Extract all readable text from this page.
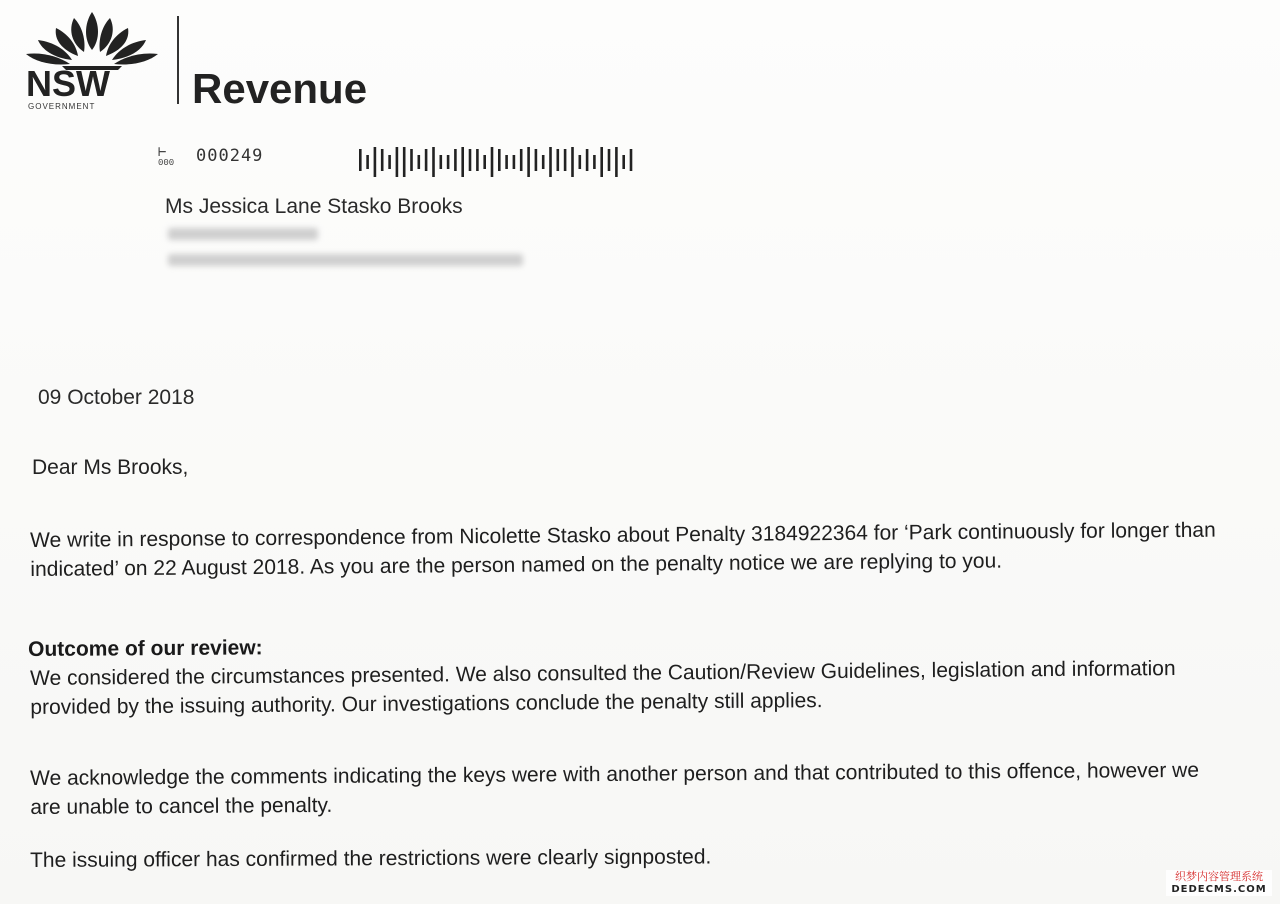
NSW
GOVERNMENT Revenue
⊢
000 000249
Ms Jessica Lane Stasko Brooks
09 October 2018
Dear Ms Brooks,

We write in response to correspondence from Nicolette Stasko about Penalty 3184922364 for ‘Park continuously for longer than indicated’ on 22 August 2018. As you are the person named on the penalty notice we are replying to you.

Outcome of our review:

We considered the circumstances presented. We also consulted the Caution/Review Guidelines, legislation and information provided by the issuing authority. Our investigations conclude the penalty still applies.

We acknowledge the comments indicating the keys were with another person and that contributed to this offence, however we are unable to cancel the penalty.

The issuing officer has confirmed the restrictions were clearly signposted.

织梦内容管理系统
DEDECMS.COM
